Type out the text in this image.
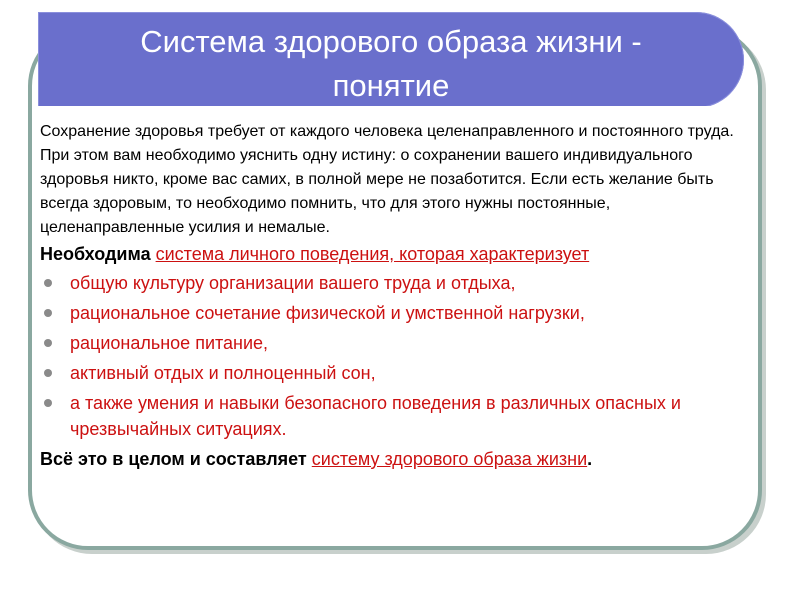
Система здорового образа жизни -
понятие

Сохранение здоровья требует от каждого человека целенаправленного и постоянного труда. При этом вам необходимо уяснить одну истину: о сохранении вашего индивидуального здоровья никто, кроме вас самих, в полной мере не позаботится. Если есть желание быть всегда здоровым, то необходимо помнить, что для этого нужны постоянные, целенаправленные усилия и немалые.

Необходима система личного поведения, которая характеризует

общую культуру организации вашего труда и отдыха,
рациональное сочетание физической и умственной нагрузки,
рациональное питание,
активный отдых и полноценный сон,
а также умения и навыки безопасного поведения в различных опасных и чрезвычайных ситуациях.

Всё это в целом и составляет систему здорового образа жизни.
